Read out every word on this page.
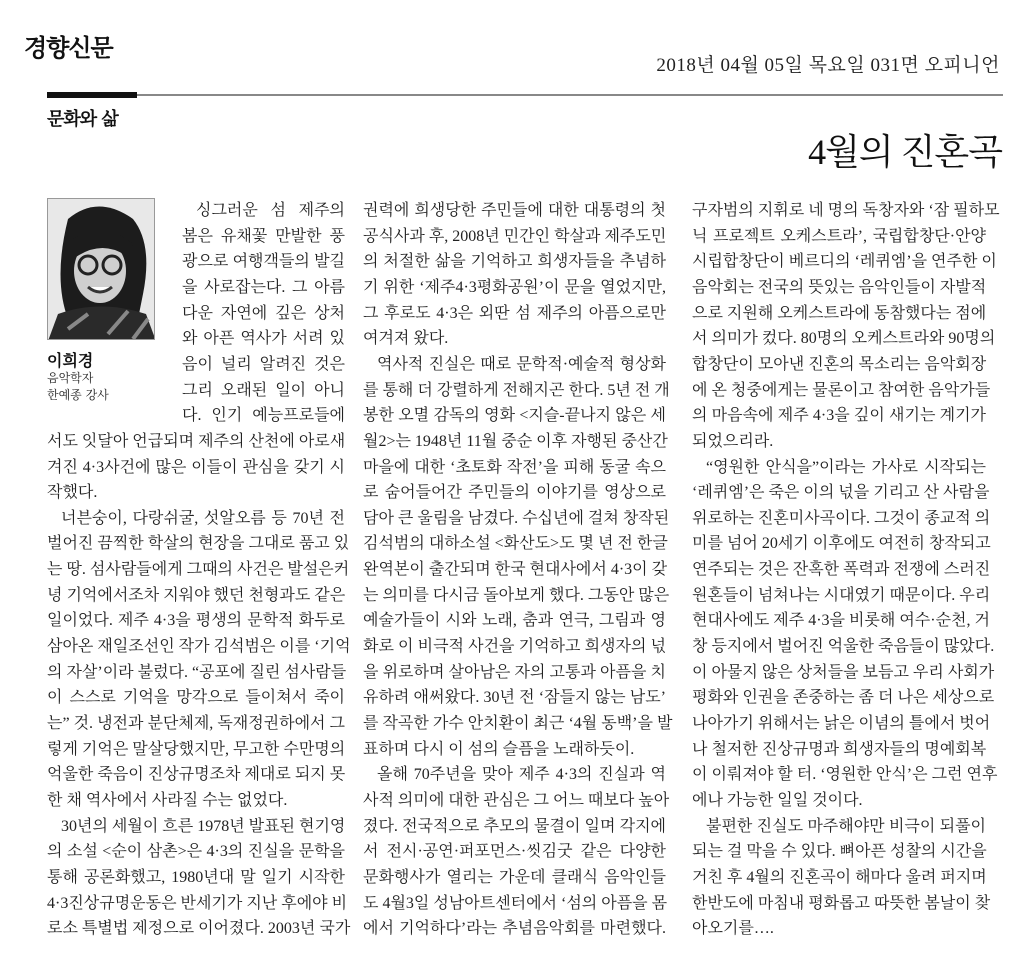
경향신문
2018년 04월 05일 목요일 031면 오피니언
문화와 삶
4월의 진혼곡
이희경
음악학자
한예종 강사
싱그러운 섬 제주의
봄은 유채꽃 만발한 풍
광으로 여행객들의 발길
을 사로잡는다. 그 아름
다운 자연에 깊은 상처
와 아픈 역사가 서려 있
음이 널리 알려진 것은
그리 오래된 일이 아니
다. 인기 예능프로들에
서도 잇달아 언급되며 제주의 산천에 아로새
겨진 4·3사건에 많은 이들이 관심을 갖기 시
작했다.
너븐숭이, 다랑쉬굴, 섯알오름 등 70년 전
벌어진 끔찍한 학살의 현장을 그대로 품고 있
는 땅. 섬사람들에게 그때의 사건은 발설은커
녕 기억에서조차 지워야 했던 천형과도 같은
일이었다. 제주 4·3을 평생의 문학적 화두로
삼아온 재일조선인 작가 김석범은 이를 ‘기억
의 자살’이라 불렀다. “공포에 질린 섬사람들
이 스스로 기억을 망각으로 들이쳐서 죽이
는” 것. 냉전과 분단체제, 독재정권하에서 그
렇게 기억은 말살당했지만, 무고한 수만명의
억울한 죽음이 진상규명조차 제대로 되지 못
한 채 역사에서 사라질 수는 없었다.
30년의 세월이 흐른 1978년 발표된 현기영
의 소설 <순이 삼촌>은 4·3의 진실을 문학을
통해 공론화했고, 1980년대 말 일기 시작한
4·3진상규명운동은 반세기가 지난 후에야 비
로소 특별법 제정으로 이어졌다. 2003년 국가
권력에 희생당한 주민들에 대한 대통령의 첫
공식사과 후, 2008년 민간인 학살과 제주도민
의 처절한 삶을 기억하고 희생자들을 추념하
기 위한 ‘제주4·3평화공원’이 문을 열었지만,
그 후로도 4·3은 외딴 섬 제주의 아픔으로만
여겨져 왔다.
역사적 진실은 때로 문학적·예술적 형상화
를 통해 더 강렬하게 전해지곤 한다. 5년 전 개
봉한 오멸 감독의 영화 <지슬-끝나지 않은 세
월2>는 1948년 11월 중순 이후 자행된 중산간
마을에 대한 ‘초토화 작전’을 피해 동굴 속으
로 숨어들어간 주민들의 이야기를 영상으로
담아 큰 울림을 남겼다. 수십년에 걸쳐 창작된
김석범의 대하소설 <화산도>도 몇 년 전 한글
완역본이 출간되며 한국 현대사에서 4·3이 갖
는 의미를 다시금 돌아보게 했다. 그동안 많은
예술가들이 시와 노래, 춤과 연극, 그림과 영
화로 이 비극적 사건을 기억하고 희생자의 넋
을 위로하며 살아남은 자의 고통과 아픔을 치
유하려 애써왔다. 30년 전 ‘잠들지 않는 남도’
를 작곡한 가수 안치환이 최근 ‘4월 동백’을 발
표하며 다시 이 섬의 슬픔을 노래하듯이.
올해 70주년을 맞아 제주 4·3의 진실과 역
사적 의미에 대한 관심은 그 어느 때보다 높아
졌다. 전국적으로 추모의 물결이 일며 각지에
서 전시·공연·퍼포먼스·씻김굿 같은 다양한
문화행사가 열리는 가운데 클래식 음악인들
도 4월3일 성남아트센터에서 ‘섬의 아픔을 몸
에서 기억하다’라는 추념음악회를 마련했다.
구자범의 지휘로 네 명의 독창자와 ‘잠 필하모
닉 프로젝트 오케스트라’, 국립합창단·안양
시립합창단이 베르디의 ‘레퀴엠’을 연주한 이
음악회는 전국의 뜻있는 음악인들이 자발적
으로 지원해 오케스트라에 동참했다는 점에
서 의미가 컸다. 80명의 오케스트라와 90명의
합창단이 모아낸 진혼의 목소리는 음악회장
에 온 청중에게는 물론이고 참여한 음악가들
의 마음속에 제주 4·3을 깊이 새기는 계기가
되었으리라.
“영원한 안식을”이라는 가사로 시작되는
‘레퀴엠’은 죽은 이의 넋을 기리고 산 사람을
위로하는 진혼미사곡이다. 그것이 종교적 의
미를 넘어 20세기 이후에도 여전히 창작되고
연주되는 것은 잔혹한 폭력과 전쟁에 스러진
원혼들이 넘쳐나는 시대였기 때문이다. 우리
현대사에도 제주 4·3을 비롯해 여수·순천, 거
창 등지에서 벌어진 억울한 죽음들이 많았다.
이 아물지 않은 상처들을 보듬고 우리 사회가
평화와 인권을 존중하는 좀 더 나은 세상으로
나아가기 위해서는 낡은 이념의 틀에서 벗어
나 철저한 진상규명과 희생자들의 명예회복
이 이뤄져야 할 터. ‘영원한 안식’은 그런 연후
에나 가능한 일일 것이다.
불편한 진실도 마주해야만 비극이 되풀이
되는 걸 막을 수 있다. 뼈아픈 성찰의 시간을
거친 후 4월의 진혼곡이 해마다 울려 퍼지며
한반도에 마침내 평화롭고 따뜻한 봄날이 찾
아오기를….
